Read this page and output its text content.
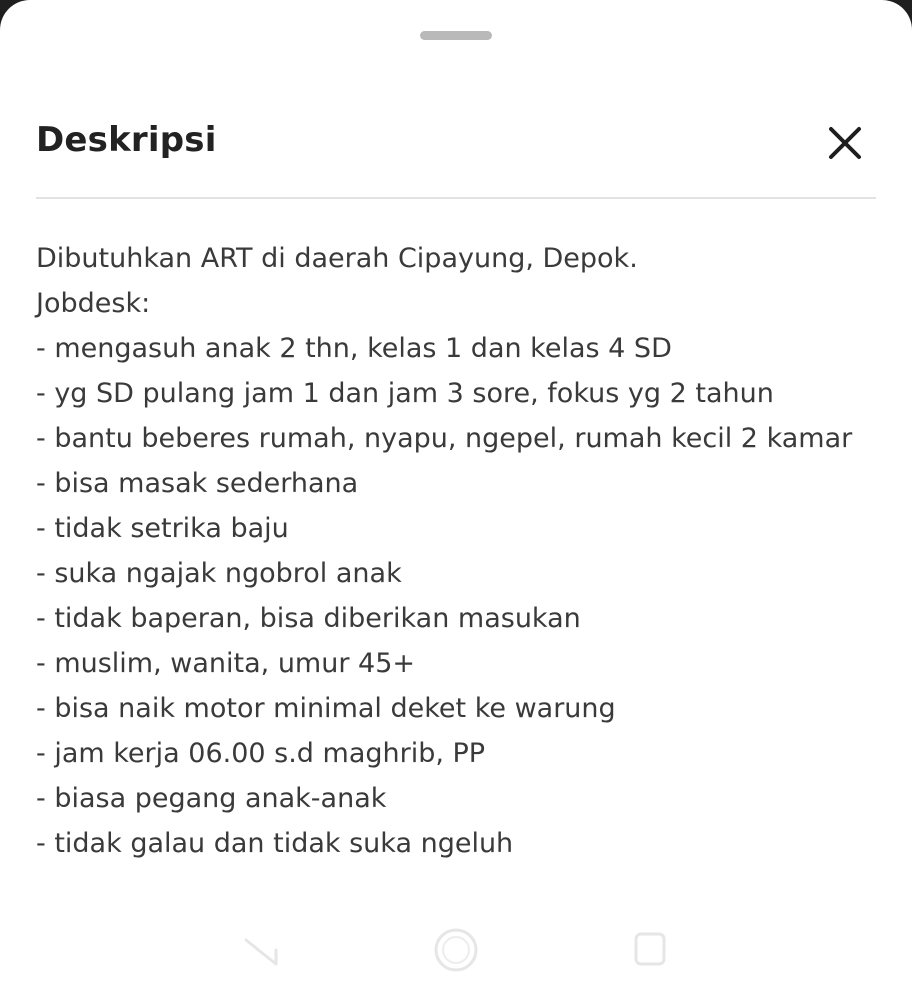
Deskripsi
Dibutuhkan ART di daerah Cipayung, Depok.
Jobdesk:
- mengasuh anak 2 thn, kelas 1 dan kelas 4 SD
- yg SD pulang jam 1 dan jam 3 sore, fokus yg 2 tahun
- bantu beberes rumah, nyapu, ngepel, rumah kecil 2 kamar
- bisa masak sederhana
- tidak setrika baju
- suka ngajak ngobrol anak
- tidak baperan, bisa diberikan masukan
- muslim, wanita, umur 45+
- bisa naik motor minimal deket ke warung
- jam kerja 06.00 s.d maghrib, PP
- biasa pegang anak-anak
- tidak galau dan tidak suka ngeluh
